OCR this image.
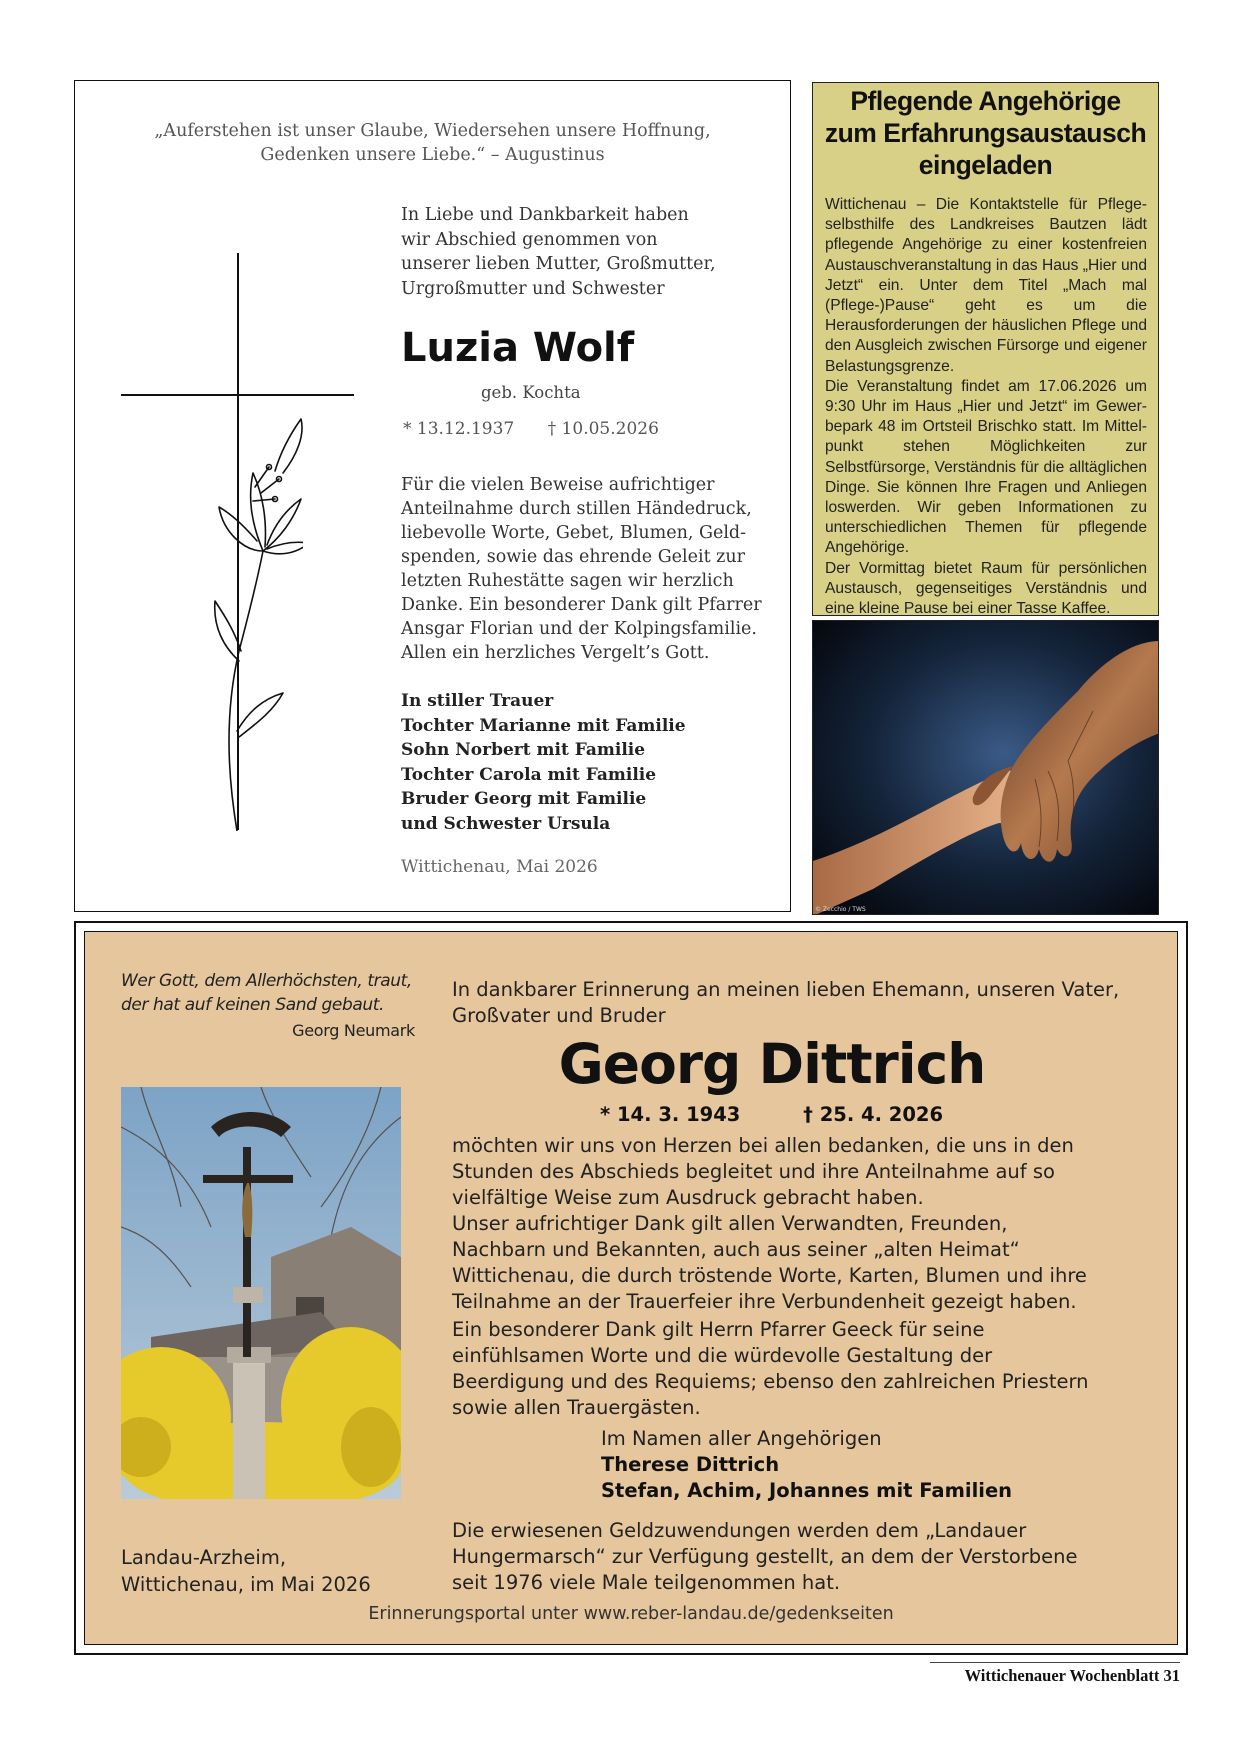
„Auferstehen ist unser Glaube, Wiedersehen unsere Hoffnung,
Gedenken unsere Liebe.“ – Augustinus
In Liebe und Dankbarkeit haben
wir Abschied genommen von
unserer lieben Mutter, Großmutter,
Urgroßmutter und Schwester
Luzia Wolf
geb. Kochta
* 13.12.1937 † 10.05.2026
Für die vielen Beweise aufrichtiger
Anteilnahme durch stillen Händedruck,
liebevolle Worte, Gebet, Blumen, Geld-
spenden, sowie das ehrende Geleit zur
letzten Ruhestätte sagen wir herzlich
Danke. Ein besonderer Dank gilt Pfarrer
Ansgar Florian und der Kolpingsfamilie.
Allen ein herzliches Vergelt’s Gott.
In stiller Trauer
Tochter Marianne mit Familie
Sohn Norbert mit Familie
Tochter Carola mit Familie
Bruder Georg mit Familie
und Schwester Ursula
Wittichenau, Mai 2026
Pflegende Angehörige
zum Erfahrungsaustausch
eingeladen

Wittichenau – Die Kontaktstelle für Pflege-selbsthilfe des Landkreises Bautzen lädt pflegende Angehörige zu einer kostenfreien Austauschveranstaltung in das Haus „Hier und Jetzt“ ein. Unter dem Titel „Mach mal (Pflege-)Pause“ geht es um die Herausforderungen der häuslichen Pflege und den Ausgleich zwischen Fürsorge und eigener Belastungsgrenze.

Die Veranstaltung findet am 17.06.2026 um 9:30 Uhr im Haus „Hier und Jetzt“ im Gewer-bepark 48 im Ortsteil Brischko statt. Im Mittel-punkt stehen Möglichkeiten zur Selbstfürsorge, Verständnis für die alltäglichen Dinge. Sie können Ihre Fragen und Anliegen loswerden. Wir geben Informationen zu unterschiedlichen Themen für pflegende Angehörige.

Der Vormittag bietet Raum für persönlichen Austausch, gegenseitiges Verständnis und eine kleine Pause bei einer Tasse Kaffee.

© Zecchio / TWS
Wer Gott, dem Allerhöchsten, traut,
der hat auf keinen Sand gebaut.
Georg Neumark
Landau-Arzheim,
Wittichenau, im Mai 2026
In dankbarer Erinnerung an meinen lieben Ehemann, unseren Vater,
Großvater und Bruder
Georg Dittrich
* 14. 3. 1943	† 25. 4. 2026
möchten wir uns von Herzen bei allen bedanken, die uns in den
Stunden des Abschieds begleitet und ihre Anteilnahme auf so
vielfältige Weise zum Ausdruck gebracht haben.
Unser aufrichtiger Dank gilt allen Verwandten, Freunden,
Nachbarn und Bekannten, auch aus seiner „alten Heimat“
Wittichenau, die durch tröstende Worte, Karten, Blumen und ihre
Teilnahme an der Trauerfeier ihre Verbundenheit gezeigt haben.
Ein besonderer Dank gilt Herrn Pfarrer Geeck für seine
einfühlsamen Worte und die würdevolle Gestaltung der
Beerdigung und des Requiems; ebenso den zahlreichen Priestern
sowie allen Trauergästen.
Im Namen aller Angehörigen
Therese Dittrich
Stefan, Achim, Johannes mit Familien
Die erwiesenen Geldzuwendungen werden dem „Landauer
Hungermarsch“ zur Verfügung gestellt, an dem der Verstorbene
seit 1976 viele Male teilgenommen hat.
Erinnerungsportal unter www.reber-landau.de/gedenkseiten
Wittichenauer Wochenblatt 31
